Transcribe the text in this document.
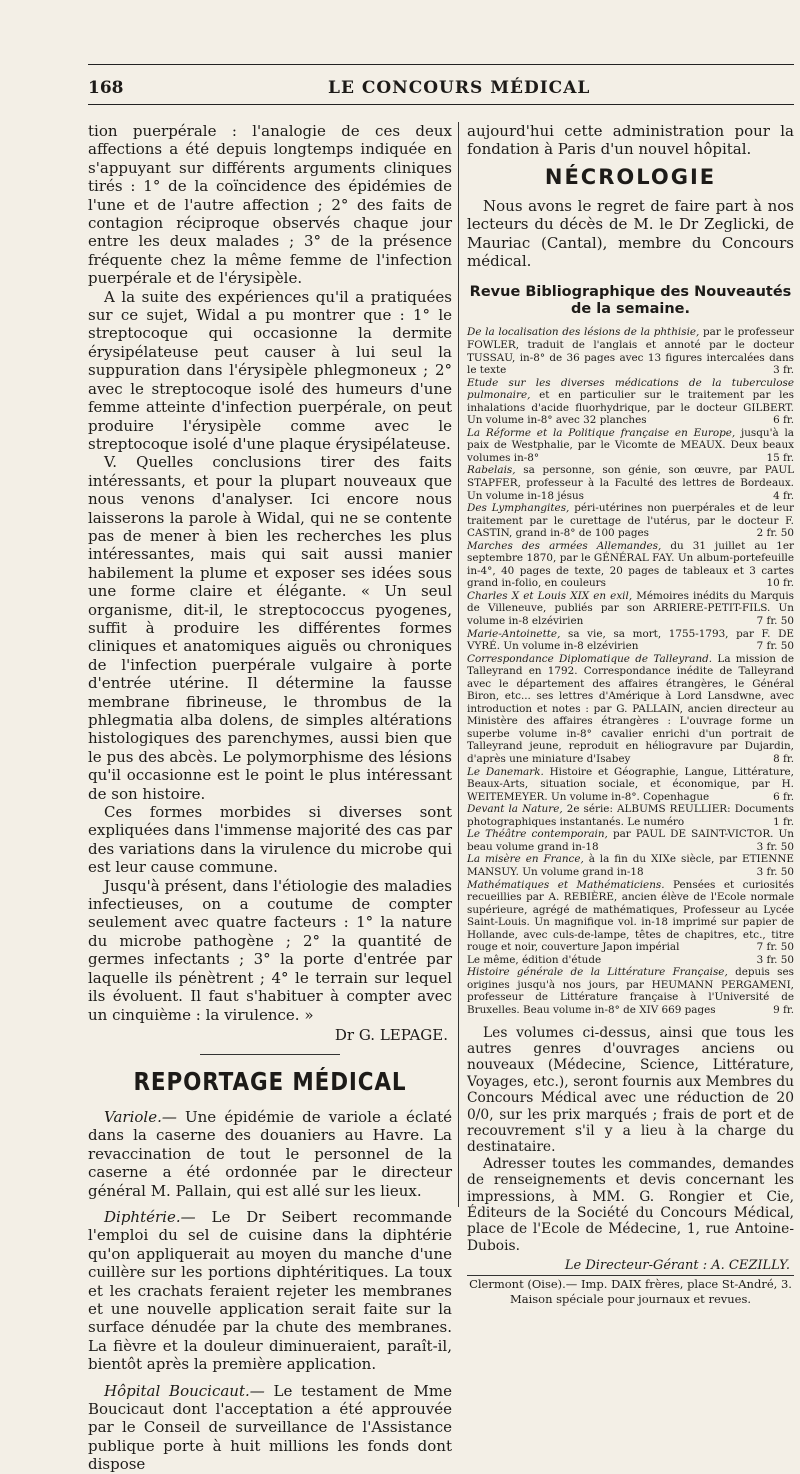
168	LE CONCOURS MÉDICAL

tion puerpérale : l'analogie de ces deux affections a été depuis longtemps indiquée en s'appuyant sur différents arguments cliniques tirés : 1° de la coïncidence des épidémies de l'une et de l'autre affection ; 2° des faits de contagion réciproque observés chaque jour entre les deux malades ; 3° de la présence fréquente chez la même femme de l'infection puerpérale et de l'érysipèle.

A la suite des expériences qu'il a pratiquées sur ce sujet, Widal a pu montrer que : 1° le streptocoque qui occasionne la dermite érysipélateuse peut causer à lui seul la suppuration dans l'érysipèle phlegmoneux ; 2° avec le streptocoque isolé des humeurs d'une femme atteinte d'infection puerpérale, on peut produire l'érysipèle comme avec le streptocoque isolé d'une plaque érysipélateuse.

V. Quelles conclusions tirer des faits intéressants, et pour la plupart nouveaux que nous venons d'analyser. Ici encore nous laisserons la parole à Widal, qui ne se contente pas de mener à bien les recherches les plus intéressantes, mais qui sait aussi manier habilement la plume et exposer ses idées sous une forme claire et élégante. « Un seul organisme, dit-il, le streptococcus pyogenes, suffit à produire les différentes formes cliniques et anatomiques aiguës ou chroniques de l'infection puerpérale vulgaire à porte d'entrée utérine. Il détermine la fausse membrane fibrineuse, le thrombus de la phlegmatia alba dolens, de simples altérations histologiques des parenchymes, aussi bien que le pus des abcès. Le polymorphisme des lésions qu'il occasionne est le point le plus intéressant de son histoire.

Ces formes morbides si diverses sont expliquées dans l'immense majorité des cas par des variations dans la virulence du microbe qui est leur cause commune.

Jusqu'à présent, dans l'étiologie des maladies infectieuses, on a coutume de compter seulement avec quatre facteurs : 1° la nature du microbe pathogène ; 2° la quantité de germes infectants ; 3° la porte d'entrée par laquelle ils pénètrent ; 4° le terrain sur lequel ils évoluent. Il faut s'habituer à compter avec un cinquième : la virulence. »

Dr G. LEPAGE.
REPORTAGE MÉDICAL

Variole.— Une épidémie de variole a éclaté dans la caserne des douaniers au Havre. La revaccination de tout le personnel de la caserne a été ordonnée par le directeur général M. Pallain, qui est allé sur les lieux.

Diphtérie.— Le Dr Seibert recommande l'emploi du sel de cuisine dans la diphtérie qu'on appliquerait au moyen du manche d'une cuillère sur les portions diphtéritiques. La toux et les crachats feraient rejeter les membranes et une nouvelle application serait faite sur la surface dénudée par la chute des membranes. La fièvre et la douleur diminueraient, paraît-il, bientôt après la première application.

Hôpital Boucicaut.— Le testament de Mme Boucicaut dont l'acceptation a été approuvée par le Conseil de surveillance de l'Assistance publique porte à huit millions les fonds dont dispose

aujourd'hui cette administration pour la fondation à Paris d'un nouvel hôpital.

NÉCROLOGIE

Nous avons le regret de faire part à nos lecteurs du décès de M. le Dr Zeglicki, de Mauriac (Cantal), membre du Concours médical.

Revue Bibliographique des Nouveautés de la semaine.

De la localisation des lésions de la phthisie, par le professeur FOWLER, traduit de l'anglais et annoté par le docteur TUSSAU, in-8° de 36 pages avec 13 figures intercalées dans le texte	3 fr.

Etude sur les diverses médications de la tuberculose pulmonaire, et en particulier sur le traitement par les inhalations d'acide fluorhydrique, par le docteur GILBERT. Un volume in-8° avec 32 planches	6 fr.

La Réforme et la Politique française en Europe, jusqu'à la paix de Westphalie, par le Vicomte de MEAUX. Deux beaux volumes in-8°	15 fr.

Rabelais, sa personne, son génie, son œuvre, par PAUL STAPFER, professeur à la Faculté des lettres de Bordeaux. Un volume in-18 jésus	4 fr.

Des Lymphangites, péri-utérines non puerpérales et de leur traitement par le curettage de l'utérus, par le docteur F. CASTIN, grand in-8° de 100 pages	2 fr. 50

Marches des armées Allemandes, du 31 juillet au 1er septembre 1870, par le GÉNÉRAL FAY. Un album-portefeuille in-4°, 40 pages de texte, 20 pages de tableaux et 3 cartes grand in-folio, en couleurs	10 fr.

Charles X et Louis XIX en exil, Mémoires inédits du Marquis de Villeneuve, publiés par son ARRIERE-PETIT-FILS. Un volume in-8 elzévirien	7 fr. 50

Marie-Antoinette, sa vie, sa mort, 1755-1793, par F. DE VYRÉ. Un volume in-8 elzévirien	7 fr. 50

Correspondance Diplomatique de Talleyrand. La mission de Talleyrand en 1792. Correspondance inédite de Talleyrand avec le département des affaires étrangères, le Général Biron, etc... ses lettres d'Amérique à Lord Lansdwne, avec introduction et notes : par G. PALLAIN, ancien directeur au Ministère des affaires étrangères : L'ouvrage forme un superbe volume in-8° cavalier enrichi d'un portrait de Talleyrand jeune, reproduit en héliogravure par Dujardin, d'après une miniature d'Isabey	8 fr.

Le Danemark. Histoire et Géographie, Langue, Littérature, Beaux-Arts, situation sociale, et économique, par H. WEITEMEYER. Un volume in-8°. Copenhague	6 fr.

Devant la Nature, 2e série: ALBUMS REULLIER: Documents photographiques instantanés. Le numéro	1 fr.

Le Théâtre contemporain, par PAUL DE SAINT-VICTOR. Un beau volume grand in-18	3 fr. 50

La misère en France, à la fin du XIXe siècle, par ETIENNE MANSUY. Un volume grand in-18	3 fr. 50

Mathématiques et Mathématiciens. Pensées et curiosités recueillies par A. REBIÈRE, ancien élève de l'Ecole normale supérieure, agrégé de mathématiques, Professeur au Lycée Saint-Louis. Un magnifique vol. in-18 imprimé sur papier de Hollande, avec culs-de-lampe, têtes de chapitres, etc., titre rouge et noir, couverture Japon impérial	7 fr. 50

Le même, édition d'étude	3 fr. 50

Histoire générale de la Littérature Française, depuis ses origines jusqu'à nos jours, par HEUMANN PERGAMENI, professeur de Littérature française à l'Université de Bruxelles. Beau volume in-8° de XIV 669 pages	9 fr.

Les volumes ci-dessus, ainsi que tous les autres genres d'ouvrages anciens ou nouveaux (Médecine, Science, Littérature, Voyages, etc.), seront fournis aux Membres du Concours Médical avec une réduction de 20 0/0, sur les prix marqués ; frais de port et de recouvrement s'il y a lieu à la charge du destinataire.

Adresser toutes les commandes, demandes de renseignements et devis concernant les impressions, à MM. G. Rongier et Cie, Éditeurs de la Société du Concours Médical, place de l'Ecole de Médecine, 1, rue Antoine-Dubois.

Le Directeur-Gérant : A. CEZILLY.
Clermont (Oise).— Imp. DAIX frères, place St-André, 3.
Maison spéciale pour journaux et revues.
